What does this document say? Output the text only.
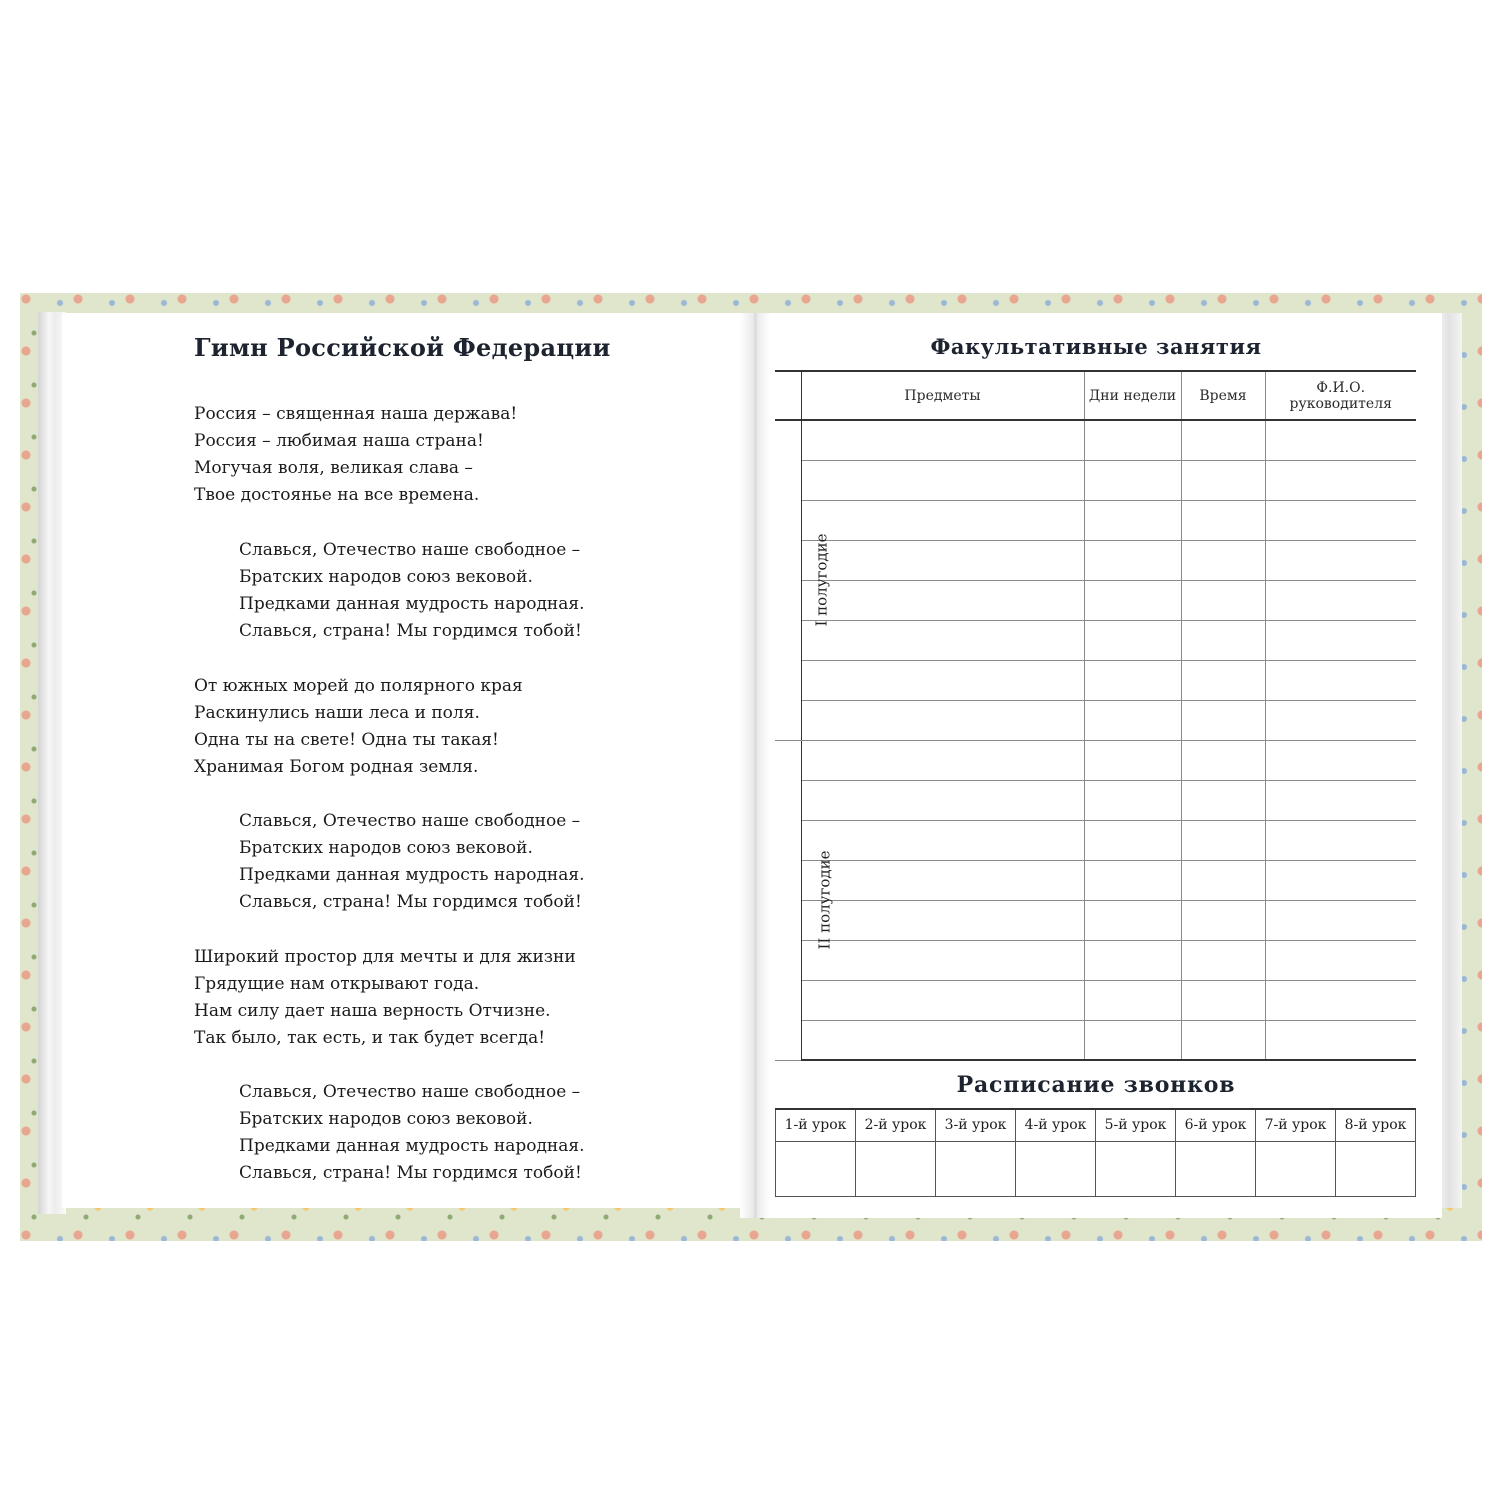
Гимн Российской Федерации

Россия – священная наша держава!
Россия – любимая наша страна!
Могучая воля, великая слава –
Твое достоянье на все времена.

Славься, Отечество наше свободное –
Братских народов союз вековой.
Предками данная мудрость народная.
Славься, страна! Мы гордимся тобой!

От южных морей до полярного края
Раскинулись наши леса и поля.
Одна ты на свете! Одна ты такая!
Хранимая Богом родная земля.

Славься, Отечество наше свободное –
Братских народов союз вековой.
Предками данная мудрость народная.
Славься, страна! Мы гордимся тобой!

Широкий простор для мечты и для жизни
Грядущие нам открывают года.
Нам силу дает наша верность Отчизне.
Так было, так есть, и так будет всегда!

Славься, Отечество наше свободное –
Братских народов союз вековой.
Предками данная мудрость народная.
Славься, страна! Мы гордимся тобой!

Факультативные занятия
	Предметы	Дни недели	Время	Ф.И.О. руководителя
I полугодие				

II полугодие				

Расписание звонков
1-й урок	2-й урок	3-й урок	4-й урок	5-й урок	6-й урок	7-й урок	8-й урок
